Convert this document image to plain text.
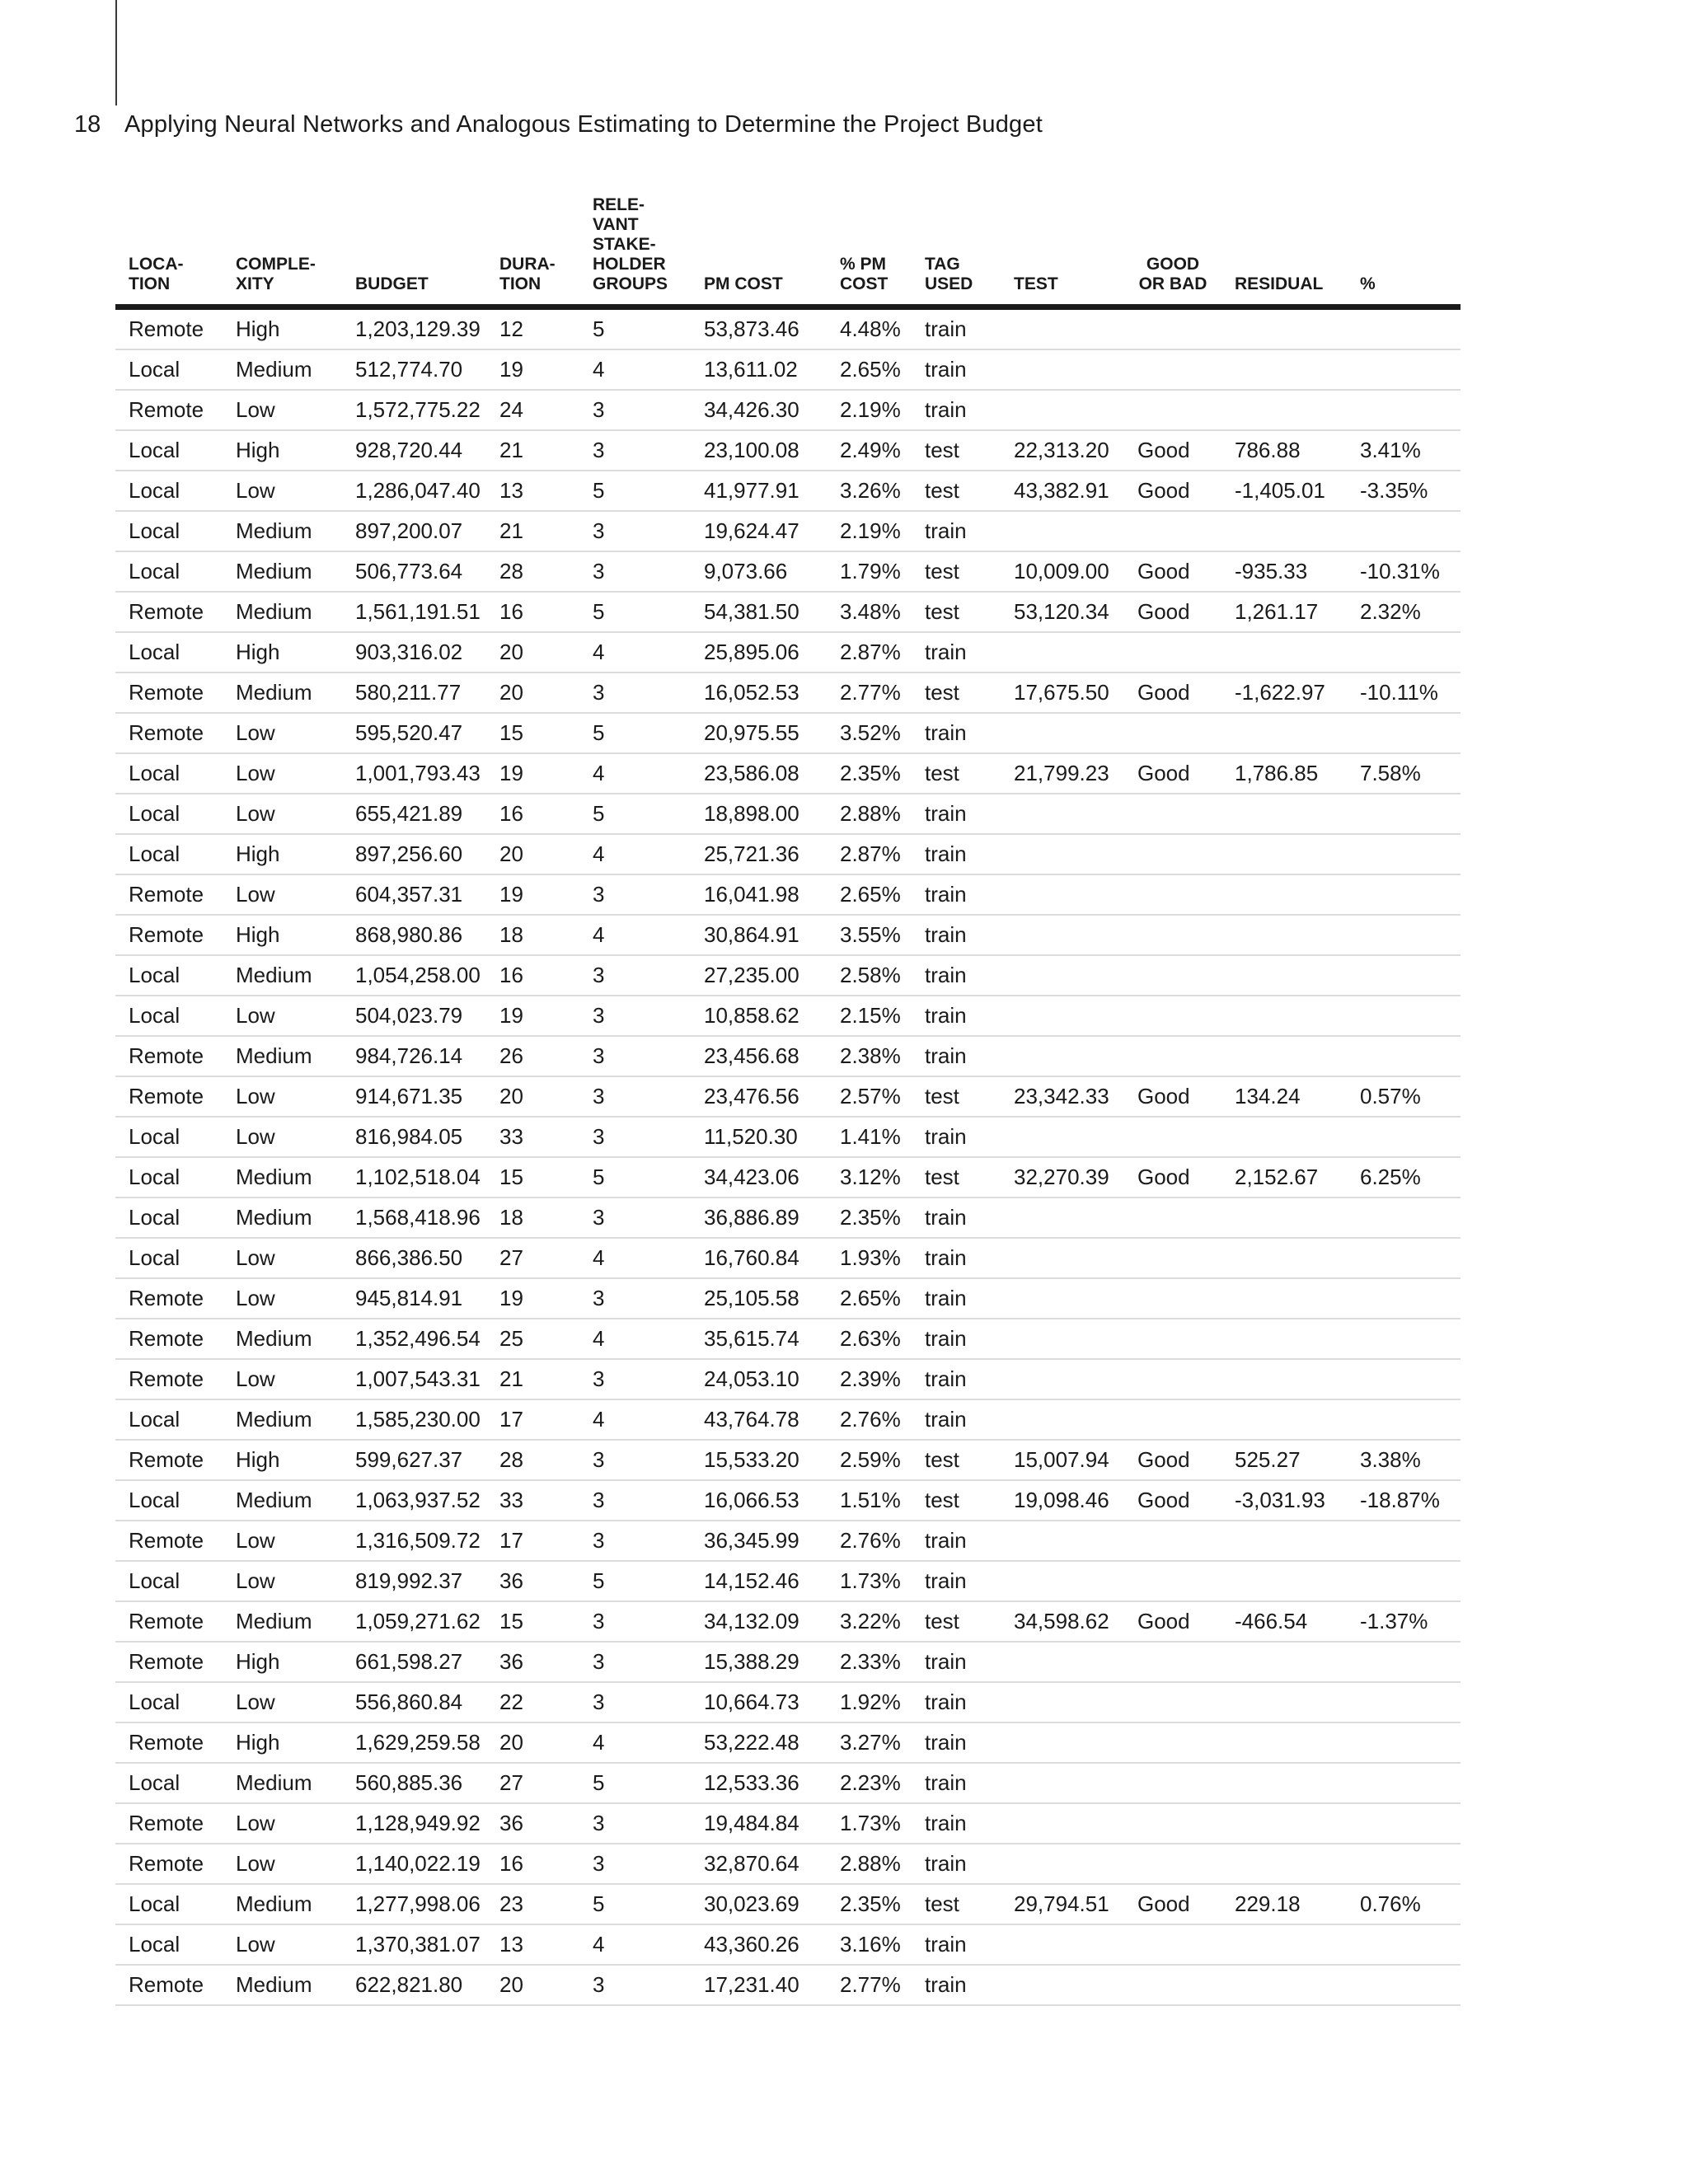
18 Applying Neural Networks and Analogous Estimating to Determine the Project Budget
LOCA-
TION	COMPLE-
XITY	BUDGET	DURA-
TION	RELE-
VANT
STAKE-
HOLDER
GROUPS	PM COST	% PM
COST	TAG
USED	TEST	GOOD
OR BAD	RESIDUAL	%

Remote	High	1,203,129.39	12	5	53,873.46	4.48%	train				
Local	Medium	512,774.70	19	4	13,611.02	2.65%	train				
Remote	Low	1,572,775.22	24	3	34,426.30	2.19%	train				
Local	High	928,720.44	21	3	23,100.08	2.49%	test	22,313.20	Good	786.88	3.41%
Local	Low	1,286,047.40	13	5	41,977.91	3.26%	test	43,382.91	Good	-1,405.01	-3.35%
Local	Medium	897,200.07	21	3	19,624.47	2.19%	train				
Local	Medium	506,773.64	28	3	9,073.66	1.79%	test	10,009.00	Good	-935.33	-10.31%
Remote	Medium	1,561,191.51	16	5	54,381.50	3.48%	test	53,120.34	Good	1,261.17	2.32%
Local	High	903,316.02	20	4	25,895.06	2.87%	train				
Remote	Medium	580,211.77	20	3	16,052.53	2.77%	test	17,675.50	Good	-1,622.97	-10.11%
Remote	Low	595,520.47	15	5	20,975.55	3.52%	train				
Local	Low	1,001,793.43	19	4	23,586.08	2.35%	test	21,799.23	Good	1,786.85	7.58%
Local	Low	655,421.89	16	5	18,898.00	2.88%	train				
Local	High	897,256.60	20	4	25,721.36	2.87%	train				
Remote	Low	604,357.31	19	3	16,041.98	2.65%	train				
Remote	High	868,980.86	18	4	30,864.91	3.55%	train				
Local	Medium	1,054,258.00	16	3	27,235.00	2.58%	train				
Local	Low	504,023.79	19	3	10,858.62	2.15%	train				
Remote	Medium	984,726.14	26	3	23,456.68	2.38%	train				
Remote	Low	914,671.35	20	3	23,476.56	2.57%	test	23,342.33	Good	134.24	0.57%
Local	Low	816,984.05	33	3	11,520.30	1.41%	train				
Local	Medium	1,102,518.04	15	5	34,423.06	3.12%	test	32,270.39	Good	2,152.67	6.25%
Local	Medium	1,568,418.96	18	3	36,886.89	2.35%	train				
Local	Low	866,386.50	27	4	16,760.84	1.93%	train				
Remote	Low	945,814.91	19	3	25,105.58	2.65%	train				
Remote	Medium	1,352,496.54	25	4	35,615.74	2.63%	train				
Remote	Low	1,007,543.31	21	3	24,053.10	2.39%	train				
Local	Medium	1,585,230.00	17	4	43,764.78	2.76%	train				
Remote	High	599,627.37	28	3	15,533.20	2.59%	test	15,007.94	Good	525.27	3.38%
Local	Medium	1,063,937.52	33	3	16,066.53	1.51%	test	19,098.46	Good	-3,031.93	-18.87%
Remote	Low	1,316,509.72	17	3	36,345.99	2.76%	train				
Local	Low	819,992.37	36	5	14,152.46	1.73%	train				
Remote	Medium	1,059,271.62	15	3	34,132.09	3.22%	test	34,598.62	Good	-466.54	-1.37%
Remote	High	661,598.27	36	3	15,388.29	2.33%	train				
Local	Low	556,860.84	22	3	10,664.73	1.92%	train				
Remote	High	1,629,259.58	20	4	53,222.48	3.27%	train				
Local	Medium	560,885.36	27	5	12,533.36	2.23%	train				
Remote	Low	1,128,949.92	36	3	19,484.84	1.73%	train				
Remote	Low	1,140,022.19	16	3	32,870.64	2.88%	train				
Local	Medium	1,277,998.06	23	5	30,023.69	2.35%	test	29,794.51	Good	229.18	0.76%
Local	Low	1,370,381.07	13	4	43,360.26	3.16%	train				
Remote	Medium	622,821.80	20	3	17,231.40	2.77%	train				
